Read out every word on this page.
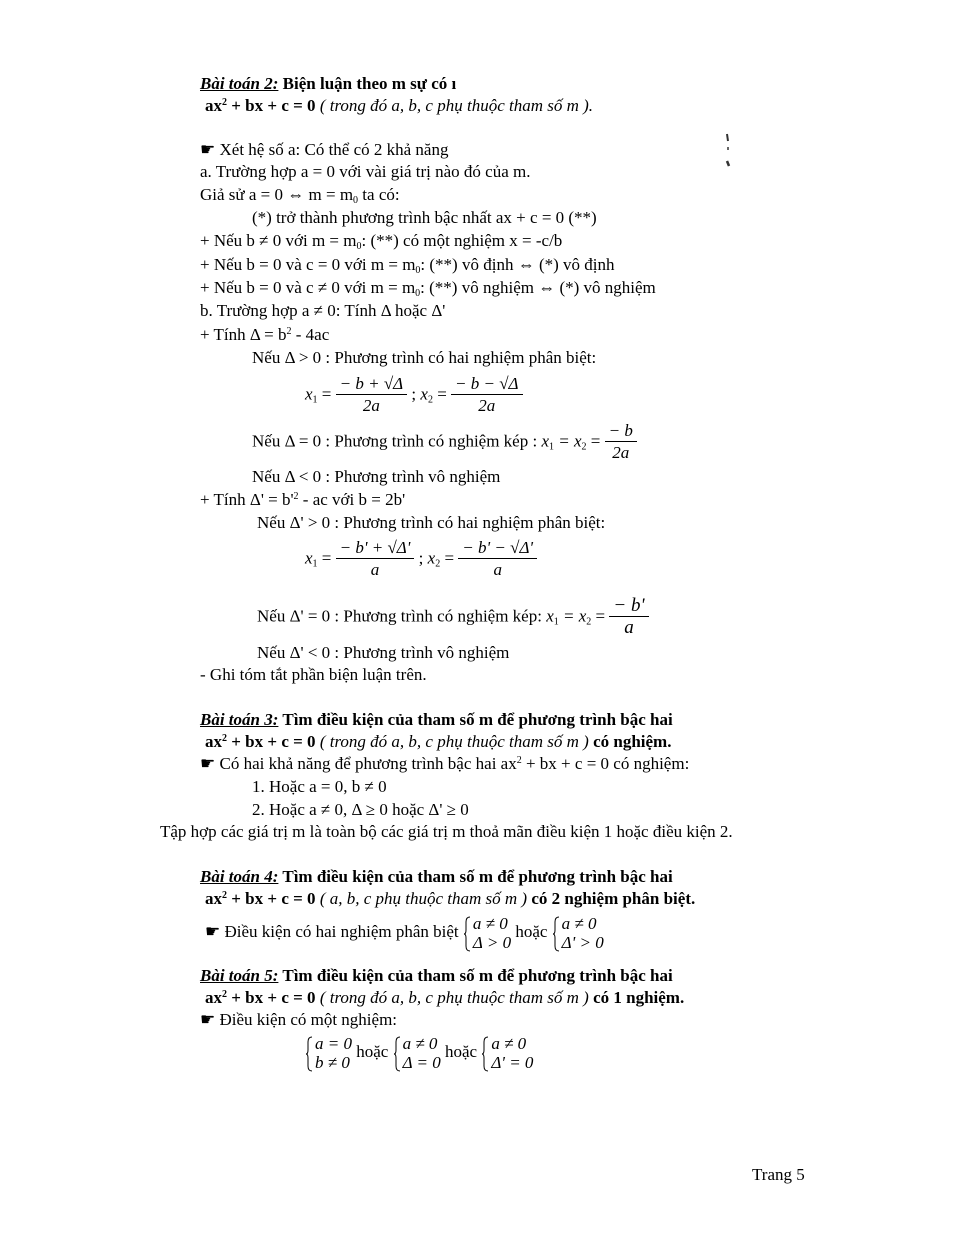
Bài toán 2: Biện luận theo m sự có ı
$ax^2$ + bx + c = 0 ( trong đó a, b, c phụ thuộc tham số m ).
☛ Xét hệ số a: Có thể có 2 khả năng
a. Trường hợp a = 0 với vài giá trị nào đó của m.
Giả sử a = 0 ⇔ $m = m_0$ ta có:
(*) trở thành phương trình bậc nhất ax + c = 0 (**)
+ Nếu b ≠ 0 với $m = m_0$: (**) có một nghiệm x = -c/b
+ Nếu b = 0 và c = 0 với $m = m_0$: (**) vô định ⇔ (*) vô định
+ Nếu b = 0 và c ≠ 0 với $m = m_0$: (**) vô nghiệm ⇔ (*) vô nghiệm
b. Trường hợp a ≠ 0: Tính Δ hoặc Δ'
+ Tính $\Delta = b^2 - 4ac$
Nếu Δ > 0 : Phương trình có hai nghiệm phân biệt:
$x_1 = \frac{- b + √\Delta}{2a}$ ; $x_2 = \frac{- b - √\Delta}{2a}$
Nếu Δ = 0 : Phương trình có nghiệm kép : $x_1 = x_2 = \frac{- b}{2a}$
Nếu Δ < 0 : Phương trình vô nghiệm
+ Tính $\Delta' = b'^2$ - ac với b = 2b'
Nếu Δ' > 0 : Phương trình có hai nghiệm phân biệt:
$x_1 = \frac{- b' + √\Delta'}{a}$ ; $x_2 = \frac{- b' - √\Delta'}{a}$
Nếu Δ' = 0 : Phương trình có nghiệm kép: $x_1 = x_2 = \frac{- b'}{a}$
Nếu Δ' < 0 : Phương trình vô nghiệm
- Ghi tóm tắt phần biện luận trên.
Bài toán 3: Tìm điều kiện của tham số m để phương trình bậc hai
$ax^2$ + bx + c = 0 ( trong đó a, b, c phụ thuộc tham số m ) có nghiệm.
☛ Có hai khả năng để phương trình bậc hai $ax^2$ + bx + c = 0 có nghiệm:
1. Hoặc a = 0, b ≠ 0
2. Hoặc a ≠ 0, Δ ≥ 0 hoặc Δ' ≥ 0
Tập hợp các giá trị m là toàn bộ các giá trị m thoả mãn điều kiện 1 hoặc điều kiện 2.
Bài toán 4: Tìm điều kiện của tham số m để phương trình bậc hai
$ax^2$ + bx + c = 0 ( a, b, c phụ thuộc tham số m ) có 2 nghiệm phân biệt.
☛ Điều kiện có hai nghiệm phân biệt a ≠ 0
Δ > 0
hoặc a ≠ 0
Δ' > 0
Bài toán 5: Tìm điều kiện của tham số m để phương trình bậc hai
$ax^2$ + bx + c = 0 ( trong đó a, b, c phụ thuộc tham số m ) có 1 nghiệm.
☛ Điều kiện có một nghiệm:
a = 0
b ≠ 0
hoặc a ≠ 0
Δ = 0
hoặc a ≠ 0
Δ' = 0
Trang 5
